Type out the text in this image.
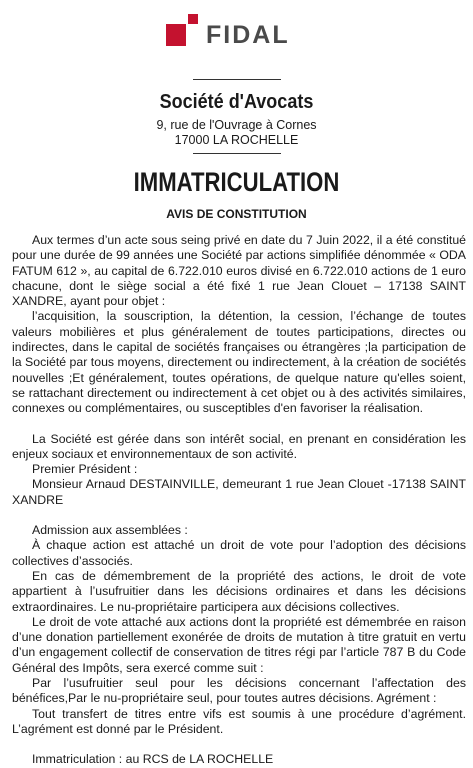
FIDAL
Société d'Avocats
9, rue de l'Ouvrage à Cornes
17000 LA ROCHELLE
IMMATRICULATION
AVIS DE CONSTITUTION

Aux termes d’un acte sous seing privé en date du 7 Juin 2022, il a été constitué pour une durée de 99 années une Société par actions simplifiée dénommée « ODA FATUM 612 », au capital de 6.722.010 euros divisé en 6.722.010 actions de 1 euro chacune, dont le siège social a été fixé 1 rue Jean Clouet – 17138 SAINT XANDRE, ayant pour objet :

l’acquisition, la souscription, la détention, la cession, l’échange de toutes valeurs mobilières et plus généralement de toutes participations, directes ou indirectes, dans le capital de sociétés françaises ou étrangères ;la participation de la Société par tous moyens, directement ou indirectement, à la création de sociétés nouvelles ;Et généralement, toutes opérations, de quelque nature qu'elles soient, se rattachant directement ou indirectement à cet objet ou à des activités similaires, connexes ou complémentaires, ou susceptibles d'en favoriser la réalisation.

La Société est gérée dans son intérêt social, en prenant en considération les enjeux sociaux et environnementaux de son activité.

Premier Président :

Monsieur Arnaud DESTAINVILLE, demeurant 1 rue Jean Clouet -17138 SAINT XANDRE

Admission aux assemblées :

À chaque action est attaché un droit de vote pour l’adoption des décisions collectives d’associés.

En cas de démembrement de la propriété des actions, le droit de vote appartient à l’usufruitier dans les décisions ordinaires et dans les décisions extraordinaires. Le nu-propriétaire participera aux décisions collectives.

Le droit de vote attaché aux actions dont la propriété est démembrée en raison d’une donation partiellement exonérée de droits de mutation à titre gratuit en vertu d’un engagement collectif de conservation de titres régi par l’article 787 B du Code Général des Impôts, sera exercé comme suit :

Par l’usufruitier seul pour les décisions concernant l’affectation des bénéfices,Par le nu-propriétaire seul, pour toutes autres décisions. Agrément :

Tout transfert de titres entre vifs est soumis à une procédure d’agrément. L’agrément est donné par le Président.

Immatriculation : au RCS de LA ROCHELLE
